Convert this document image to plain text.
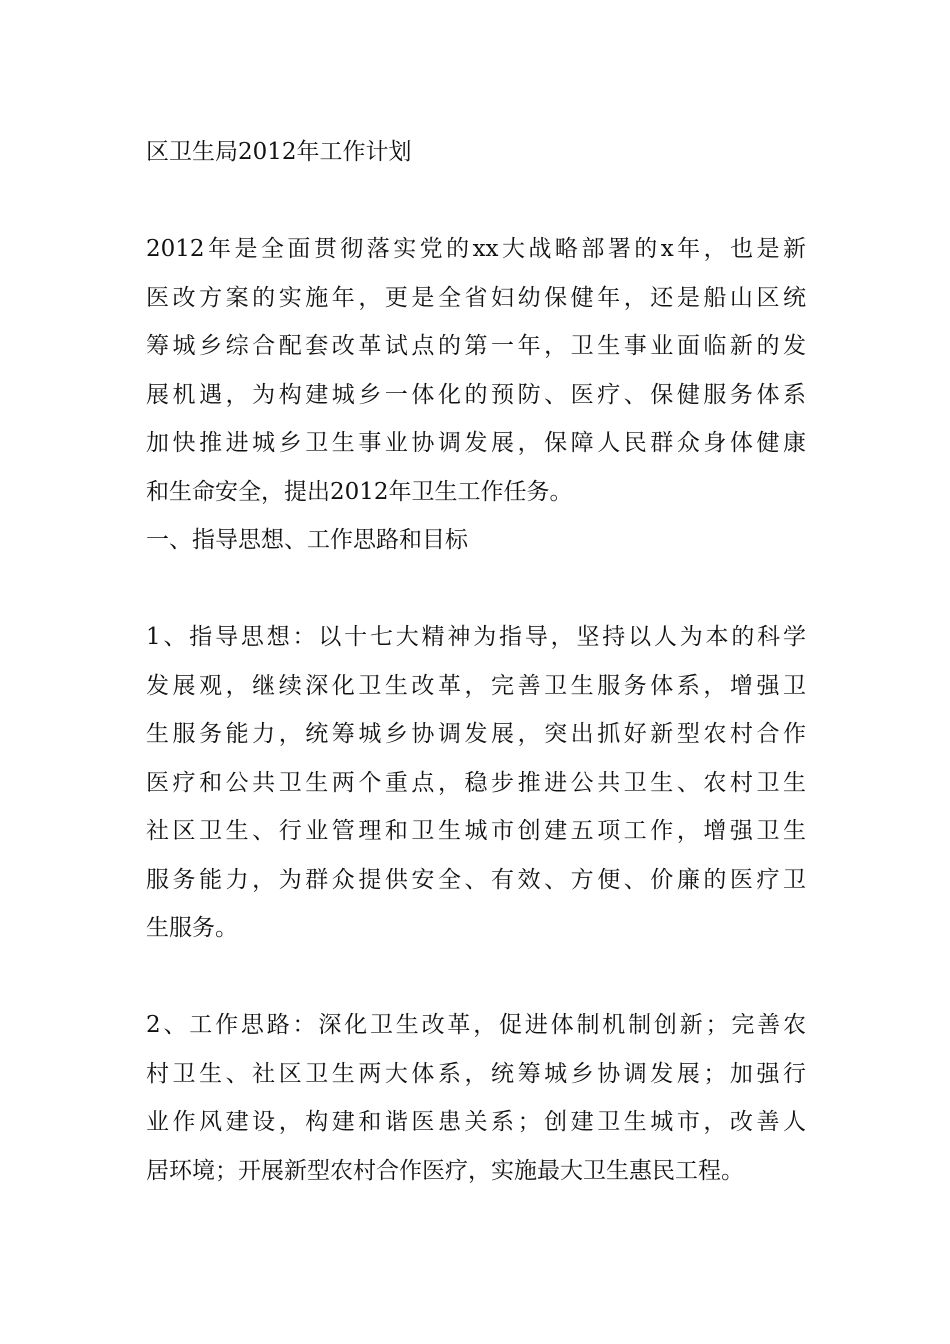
区卫生局2012年工作计划
2012年是全面贯彻落实党的xx大战略部署的x年，也是新
医改方案的实施年，更是全省妇幼保健年，还是船山区统
筹城乡综合配套改革试点的第一年，卫生事业面临新的发
展机遇，为构建城乡一体化的预防、医疗、保健服务体系
加快推进城乡卫生事业协调发展，保障人民群众身体健康
和生命安全，提出2012年卫生工作任务。
一、指导思想、工作思路和目标
1、指导思想：以十七大精神为指导，坚持以人为本的科学
发展观，继续深化卫生改革，完善卫生服务体系，增强卫
生服务能力，统筹城乡协调发展，突出抓好新型农村合作
医疗和公共卫生两个重点，稳步推进公共卫生、农村卫生
社区卫生、行业管理和卫生城市创建五项工作，增强卫生
服务能力，为群众提供安全、有效、方便、价廉的医疗卫
生服务。
2、工作思路：深化卫生改革，促进体制机制创新；完善农
村卫生、社区卫生两大体系，统筹城乡协调发展；加强行
业作风建设，构建和谐医患关系；创建卫生城市，改善人
居环境；开展新型农村合作医疗，实施最大卫生惠民工程。
